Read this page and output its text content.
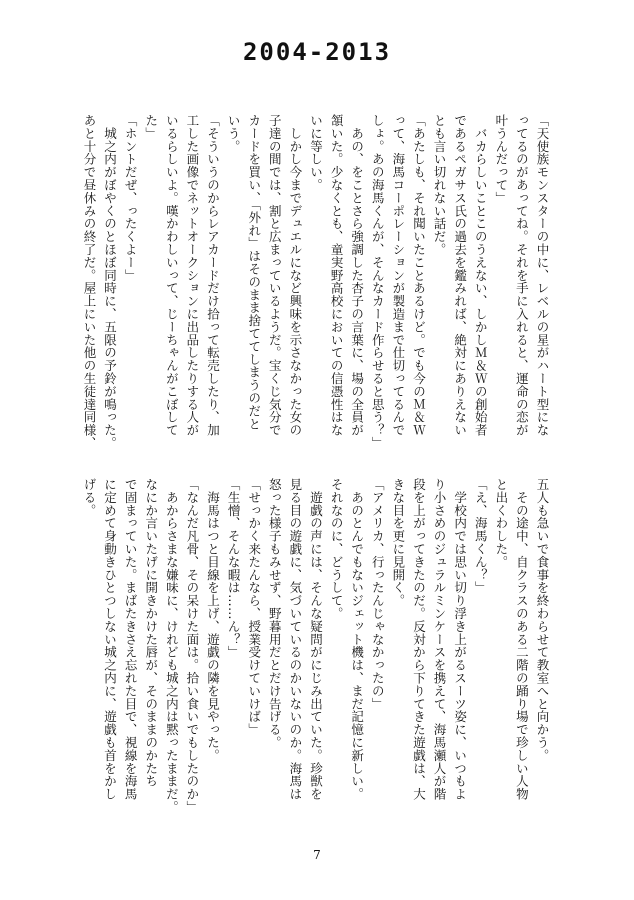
2004-2013
「天使族モンスターの中に、レベルの星がハート型にな
ってるのがあってね。それを手に入れると、運命の恋が
叶うんだって」
　バカらしいことこのうえない、しかしＭ＆Ｗの創始者
であるペガサス氏の過去を鑑みれば、絶対にありえない
とも言い切れない話だ。
「あたしも、それ聞いたことあるけど。でも今のＭ＆Ｗ
って、海馬コーポレーションが製造まで仕切ってるんで
しょ。あの海馬くんが、そんなカード作らせると思う？」
　あの、をことさら強調した杏子の言葉に、場の全員が
頷いた。少なくとも、童実野高校においての信憑性はな
いに等しい。
　しかし今までデュエルになど興味を示さなかった女の
子達の間では、割と広まっているようだ。宝くじ気分で
カードを買い、「外れ」はそのまま捨ててしまうのだと
いう。
「そういうのからレアカードだけ拾って転売したり、加
工した画像でネットオークションに出品したりする人が
いるらしいよ。嘆かわしいって、じーちゃんがこぼして
た」
「ホントだぜ、ったくよー」
　城之内がぼやくのとほぼ同時に、五限の予鈴が鳴った。
あと十分で昼休みの終了だ。屋上にいた他の生徒達同様、
五人も急いで食事を終わらせて教室へと向かう。
　その途中、自クラスのある二階の踊り場で珍しい人物
と出くわした。
「え、海馬くん？」
　学校内では思い切り浮き上がるスーツ姿に、いつもよ
り小さめのジュラルミンケースを携えて、海馬瀬人が階
段を上がってきたのだ。反対から下りてきた遊戯は、大
きな目を更に見開く。
「アメリカ、行ったんじゃなかったの」
　あのとんでもないジェット機は、まだ記憶に新しい。
それなのに、どうして。
　遊戯の声には、そんな疑問がにじみ出ていた。珍獣を
見る目の遊戯に、気づいているのかいないのか。海馬は
怒った様子もみせず、野暮用だとだけ告げる。
「せっかく来たんなら、授業受けていけば」
「生憎、そんな暇は……ん？」
　海馬はつと目線を上げ、遊戯の隣を見やった。
「なんだ凡骨、その呆けた面は。拾い食いでもしたのか」
　あからさまな嫌味に、けれども城之内は黙ったままだ。
なにか言いたげに開きかけた唇が、そのままのかたち
で固まっていた。まばたきさえ忘れた目で、視線を海馬
に定めて身動きひとつしない城之内に、遊戯も首をかし
げる。
7
